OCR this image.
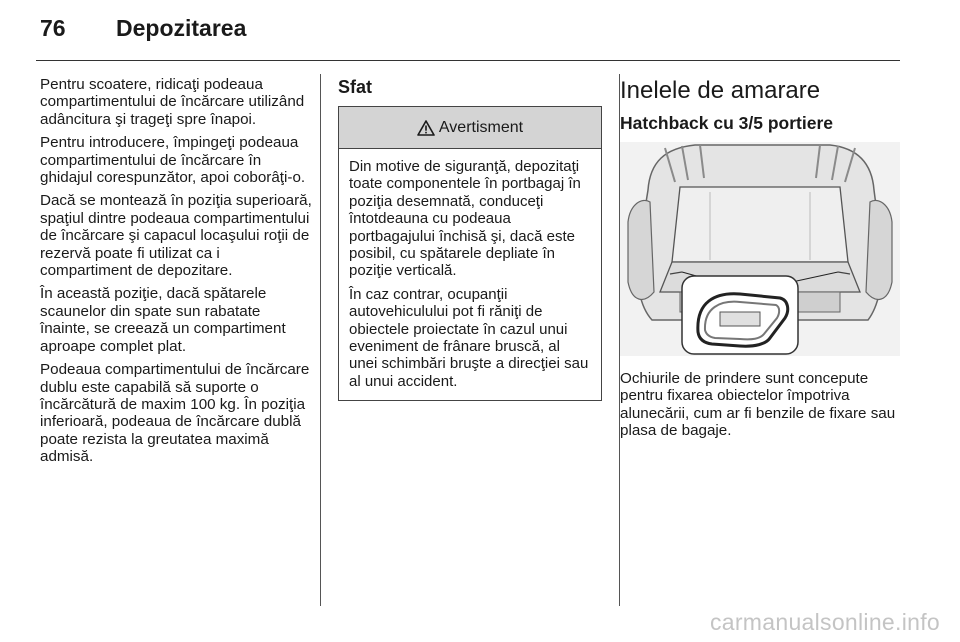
76 Depozitarea

Pentru scoatere, ridicaţi podeaua compartimentului de încărcare utilizând adâncitura şi trageţi spre înapoi.

Pentru introducere, împingeţi podeaua compartimentului de încărcare în ghidajul corespunzător, apoi coborâţi-o.

Dacă se montează în poziţia superioară, spaţiul dintre podeaua compartimentului de încărcare şi capacul locaşului roţii de rezervă poate fi utilizat ca i compartiment de depozitare.

În această poziţie, dacă spătarele scaunelor din spate sun rabatate înainte, se creează un compartiment aproape complet plat.

Podeaua compartimentului de încărcare dublu este capabilă să suporte o încărcătură de maxim 100 kg. În poziţia inferioară, podeaua de încărcare dublă poate rezista la greutatea maximă admisă.

Sfat
Avertisment

Din motive de siguranţă, depozitaţi toate componentele în portbagaj în poziţia desemnată, conduceţi întotdeauna cu podeaua portbagajului închisă şi, dacă este posibil, cu spătarele depliate în poziţie verticală.

În caz contrar, ocupanţii autovehiculului pot fi răniţi de obiectele proiectate în cazul unui eveniment de frânare bruscă, al unei schimbări bruşte a direcţiei sau al unui accident.

Inelele de amarare
Hatchback cu 3/5 portiere

Ochiurile de prindere sunt concepute pentru fixarea obiectelor împotriva alunecării, cum ar fi benzile de fixare sau plasa de bagaje.

carmanualsonline.info
